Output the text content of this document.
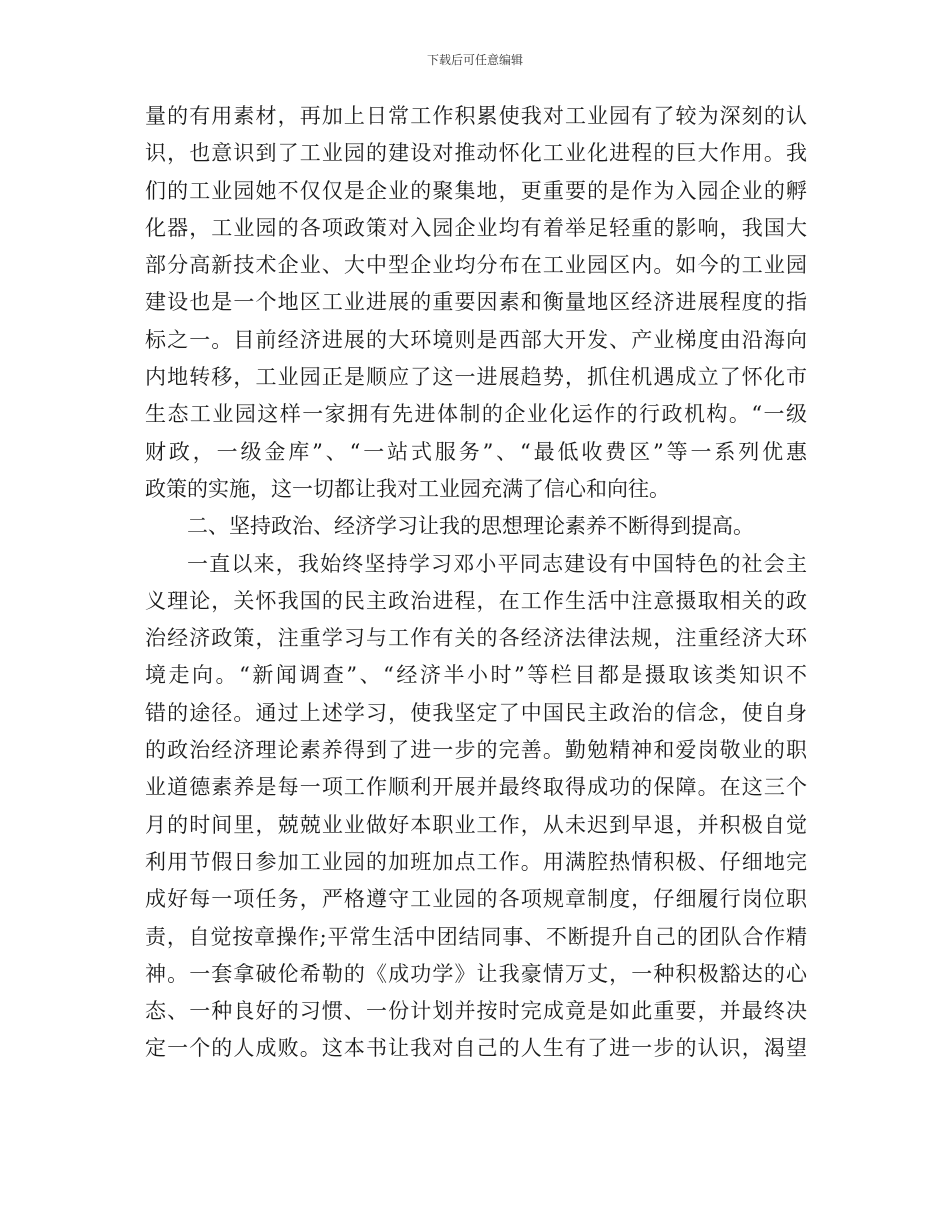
下载后可任意编辑
量的有用素材，再加上日常工作积累使我对工业园有了较为深刻的认
识，也意识到了工业园的建设对推动怀化工业化进程的巨大作用。我
们的工业园她不仅仅是企业的聚集地，更重要的是作为入园企业的孵
化器，工业园的各项政策对入园企业均有着举足轻重的影响，我国大
部分高新技术企业、大中型企业均分布在工业园区内。如今的工业园
建设也是一个地区工业进展的重要因素和衡量地区经济进展程度的指
标之一。目前经济进展的大环境则是西部大开发、产业梯度由沿海向
内地转移，工业园正是顺应了这一进展趋势，抓住机遇成立了怀化市
生态工业园这样一家拥有先进体制的企业化运作的行政机构。“一级
财政，一级金库”、“一站式服务”、“最低收费区”等一系列优惠
政策的实施，这一切都让我对工业园充满了信心和向往。
二、坚持政治、经济学习让我的思想理论素养不断得到提高。
一直以来，我始终坚持学习邓小平同志建设有中国特色的社会主
义理论，关怀我国的民主政治进程，在工作生活中注意摄取相关的政
治经济政策，注重学习与工作有关的各经济法律法规，注重经济大环
境走向。“新闻调查”、“经济半小时”等栏目都是摄取该类知识不
错的途径。通过上述学习，使我坚定了中国民主政治的信念，使自身
的政治经济理论素养得到了进一步的完善。勤勉精神和爱岗敬业的职
业道德素养是每一项工作顺利开展并最终取得成功的保障。在这三个
月的时间里，兢兢业业做好本职业工作，从未迟到早退，并积极自觉
利用节假日参加工业园的加班加点工作。用满腔热情积极、仔细地完
成好每一项任务，严格遵守工业园的各项规章制度，仔细履行岗位职
责，自觉按章操作;平常生活中团结同事、不断提升自己的团队合作精
神。一套拿破伦希勒的《成功学》让我豪情万丈，一种积极豁达的心
态、一种良好的习惯、一份计划并按时完成竟是如此重要，并最终决
定一个的人成败。这本书让我对自己的人生有了进一步的认识，渴望
